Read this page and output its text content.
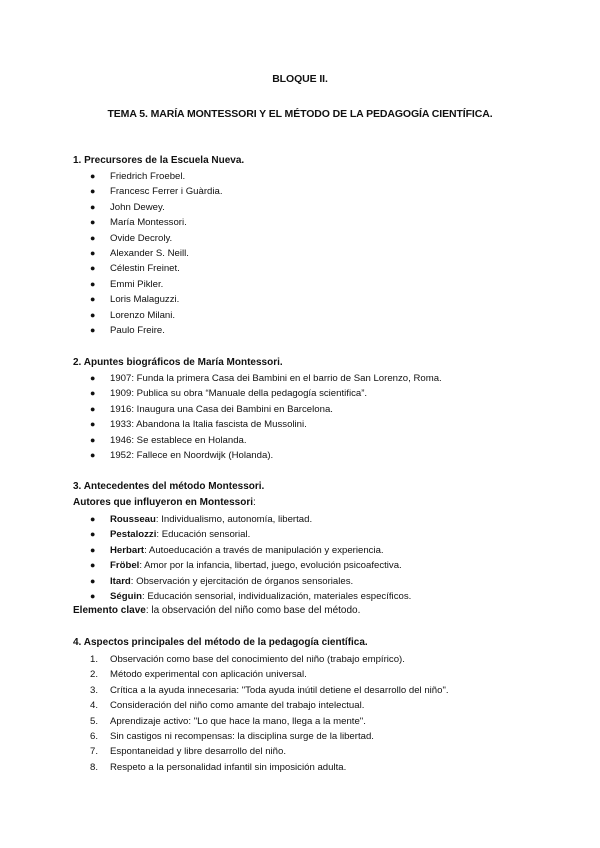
BLOQUE II.
TEMA 5. MARÍA MONTESSORI Y EL MÉTODO DE LA PEDAGOGÍA CIENTÍFICA.
1. Precursores de la Escuela Nueva.
● Friedrich Froebel.
● Francesc Ferrer i Guàrdia.
● John Dewey.
● María Montessori.
● Ovide Decroly.
● Alexander S. Neill.
● Célestin Freinet.
● Emmi Pikler.
● Loris Malaguzzi.
● Lorenzo Milani.
● Paulo Freire.
2. Apuntes biográficos de María Montessori.
● 1907: Funda la primera Casa dei Bambini en el barrio de San Lorenzo, Roma.
● 1909: Publica su obra “Manuale della pedagogía scientifica”.
● 1916: Inaugura una Casa dei Bambini en Barcelona.
● 1933: Abandona la Italia fascista de Mussolini.
● 1946: Se establece en Holanda.
● 1952: Fallece en Noordwijk (Holanda).
3. Antecedentes del método Montessori.
Autores que influyeron en Montessori:
● Rousseau: Individualismo, autonomía, libertad.
● Pestalozzi: Educación sensorial.
● Herbart: Autoeducación a través de manipulación y experiencia.
● Fröbel: Amor por la infancia, libertad, juego, evolución psicoafectiva.
● Itard: Observación y ejercitación de órganos sensoriales.
● Séguin: Educación sensorial, individualización, materiales específicos.
Elemento clave: la observación del niño como base del método.
4. Aspectos principales del método de la pedagogía científica.
1. Observación como base del conocimiento del niño (trabajo empírico).
2. Método experimental con aplicación universal.
3. Crítica a la ayuda innecesaria: "Toda ayuda inútil detiene el desarrollo del niño".
4. Consideración del niño como amante del trabajo intelectual.
5. Aprendizaje activo: "Lo que hace la mano, llega a la mente".
6. Sin castigos ni recompensas: la disciplina surge de la libertad.
7. Espontaneidad y libre desarrollo del niño.
8. Respeto a la personalidad infantil sin imposición adulta.
